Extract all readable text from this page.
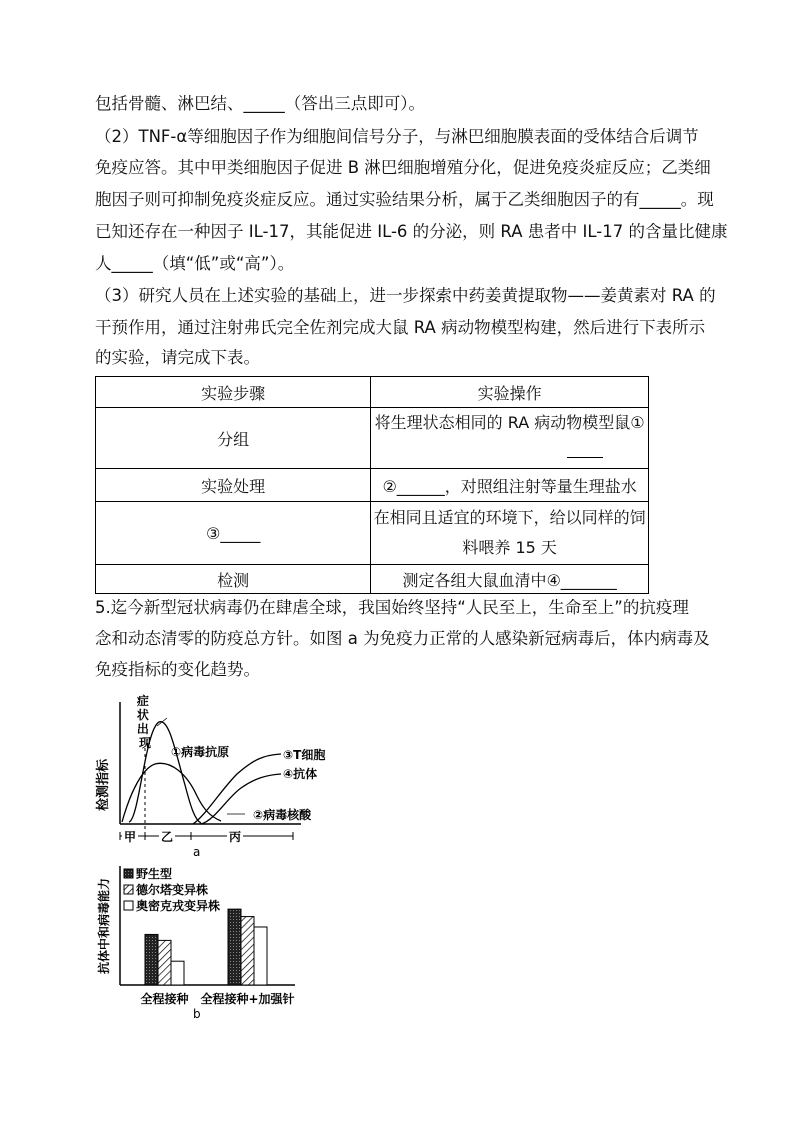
包括骨髓、淋巴结、_____（答出三点即可）。
（2）TNF-α等细胞因子作为细胞间信号分子，与淋巴细胞膜表面的受体结合后调节
免疫应答。其中甲类细胞因子促进 B 淋巴细胞增殖分化，促进免疫炎症反应；乙类细
胞因子则可抑制免疫炎症反应。通过实验结果分析，属于乙类细胞因子的有_____。现
已知还存在一种因子 IL-17，其能促进 IL-6 的分泌，则 RA 患者中 IL-17 的含量比健康
人_____（填“低”或“高”）。
（3）研究人员在上述实验的基础上，进一步探索中药姜黄提取物——姜黄素对 RA 的
干预作用，通过注射弗氏完全佐剂完成大鼠 RA 病动物模型构建，然后进行下表所示
的实验，请完成下表。
实验步骤	实验操作
分组	将生理状态相同的 RA 病动物模型鼠①

实验处理	②______，对照组注射等量生理盐水
③_____	在相同且适宜的环境下，给以同样的饲
料喂养 15 天

检测	测定各组大鼠血清中④_______
5.迄今新型冠状病毒仍在肆虐全球，我国始终坚持“人民至上，生命至上”的抗疫理
念和动态清零的防疫总方针。如图 a 为免疫力正常的人感染新冠病毒后，体内病毒及
免疫指标的变化趋势。
检测指标
症 状 出 现
①病毒抗原
②病毒核酸
③T细胞
④抗体
甲 乙	丙
a
抗体中和病毒能力
野生型
德尔塔变异株
奥密克戎变异株
全程接种 全程接种+加强针
b
